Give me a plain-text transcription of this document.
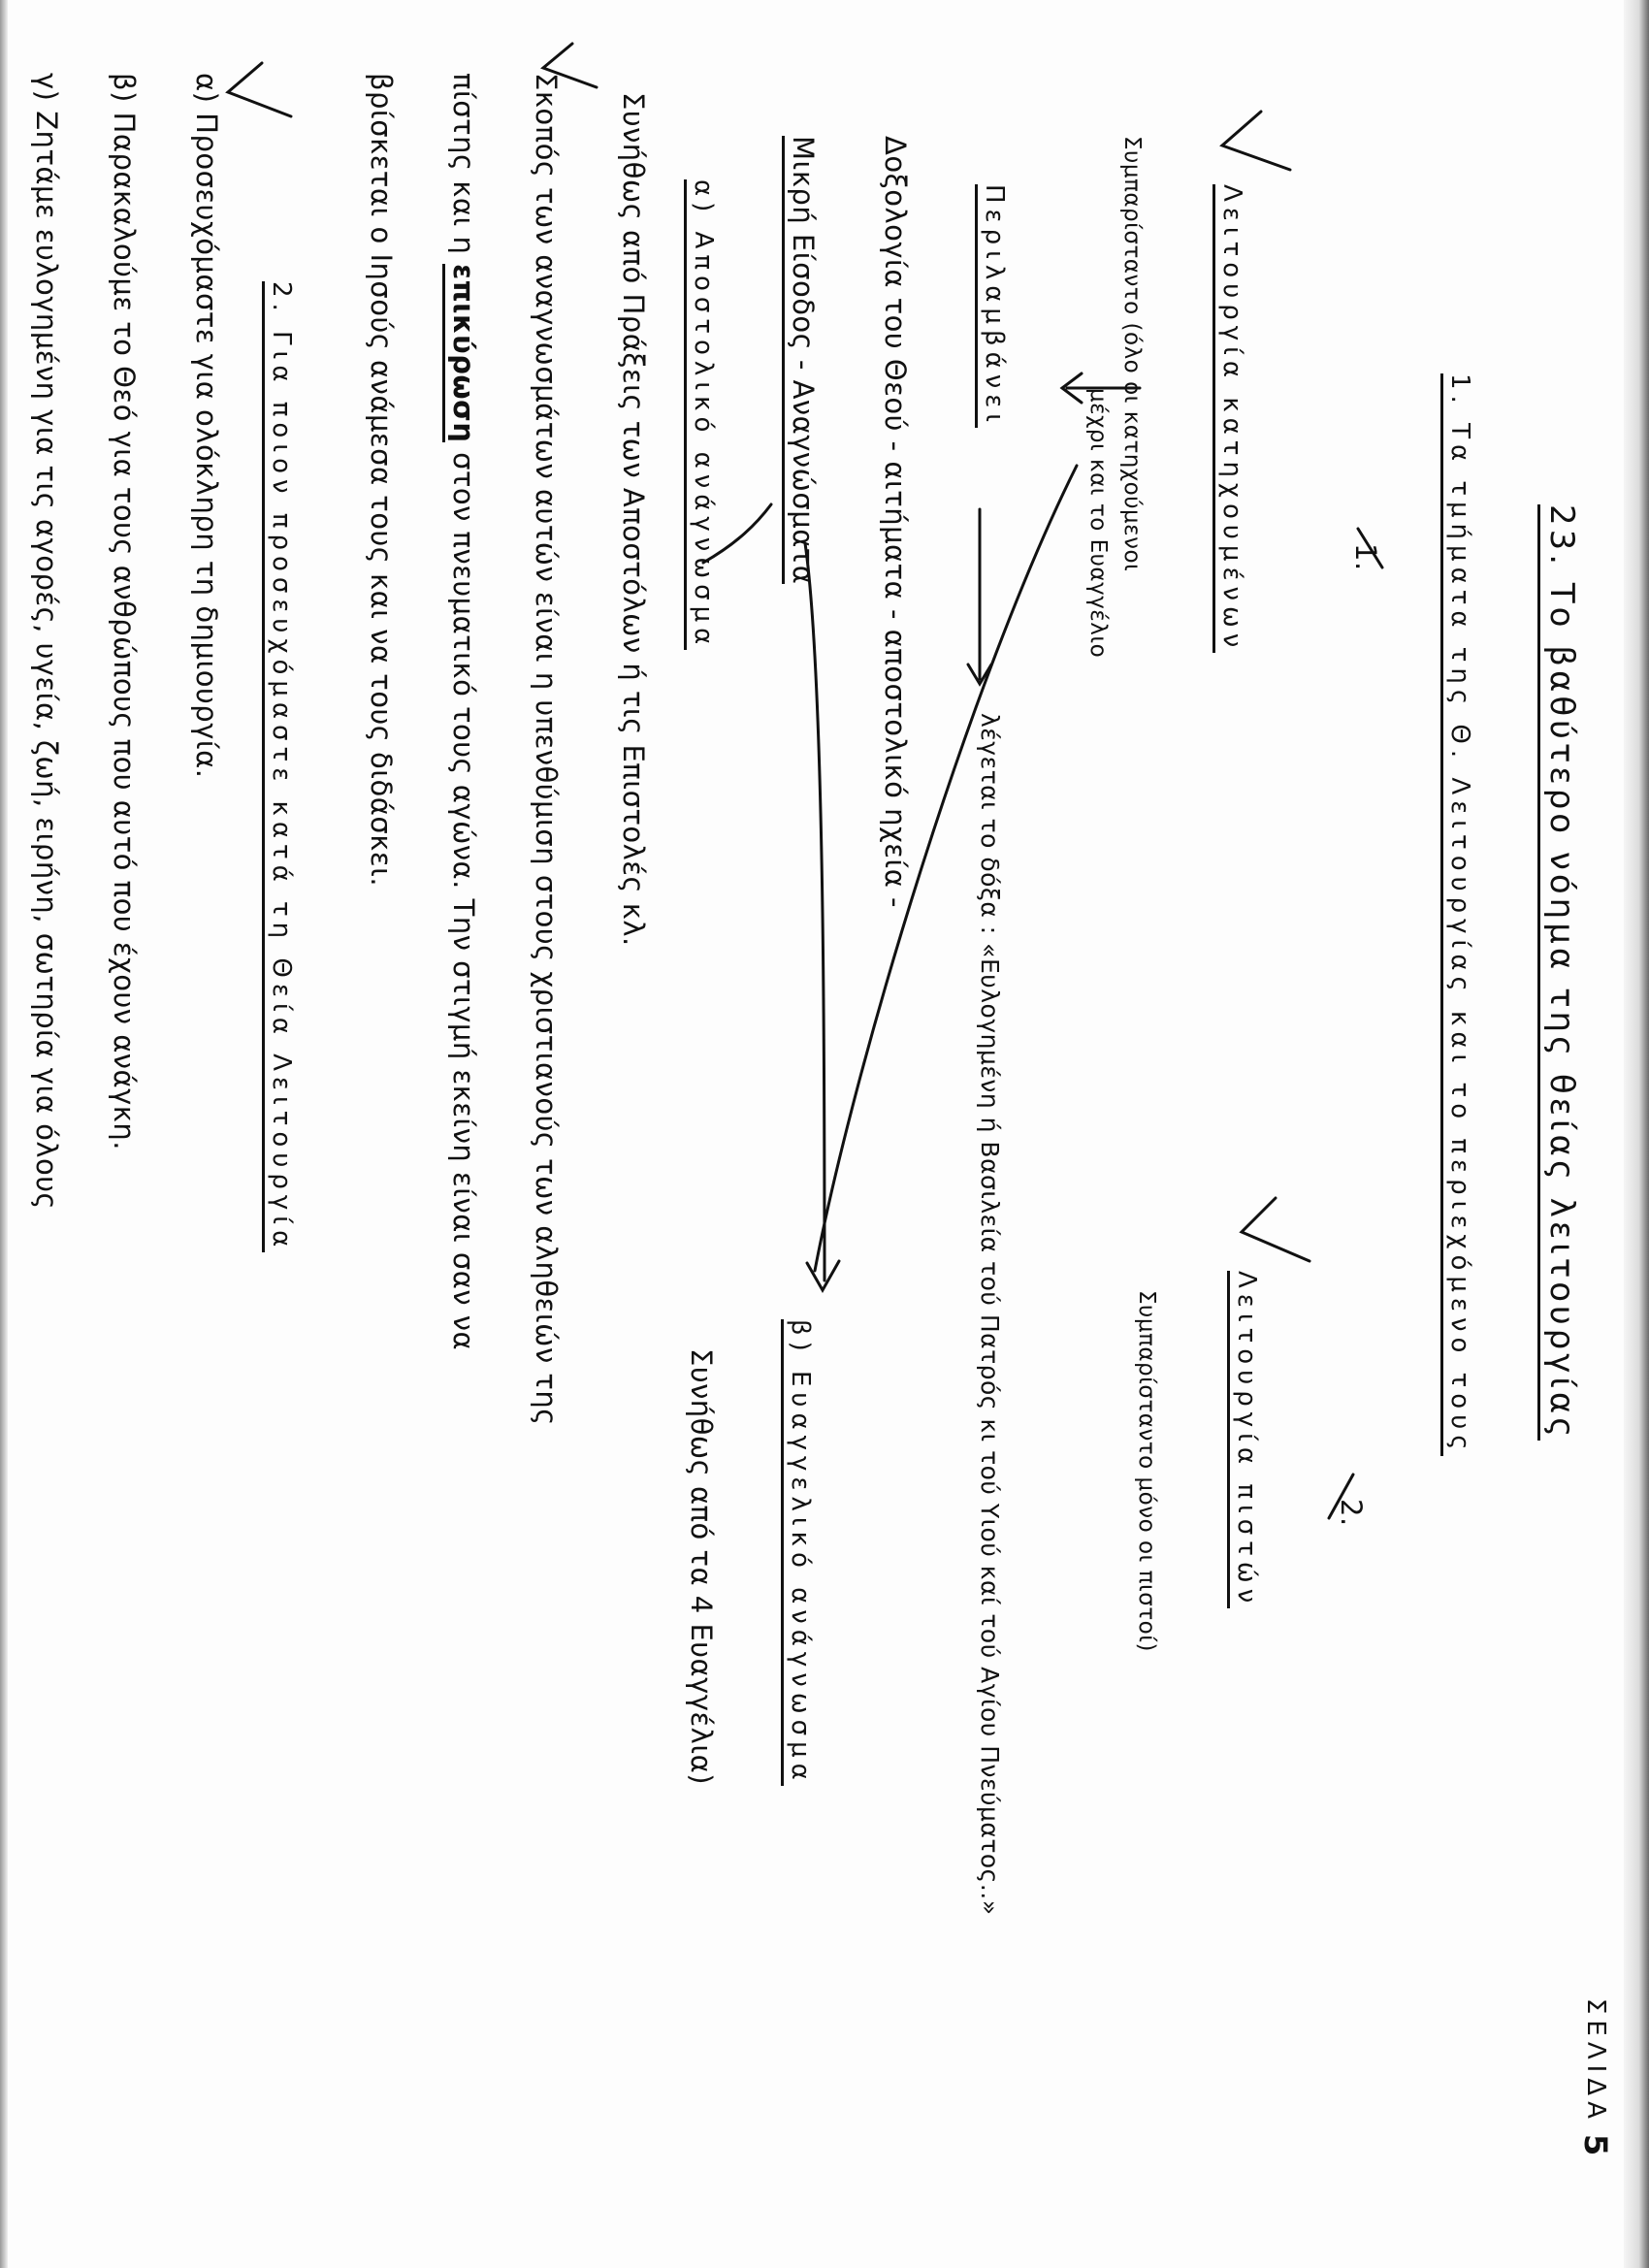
ΣΕΛΙΔΑ
5
23. Το βαθύτερο νόημα της θείας λειτουργίας
1. Τα τμήματα της Θ. Λειτουργίας και το περιεχόμενο τους
1.
2.
Λειτουργία κατηχουμένων
Συμπαρίσταντο (όλο οι κατηχούμενοι
μέχρι και το Ευαγγέλιο
Λειτουργία πιστών
Συμπαρίσταντο μόνο οι πιστοί)
Περιλαμβάνει
λέγεται το δόξα : «Ευλογημένη ή Βασιλεία τού Πατρός κι τού Υιού καί τού Αγίου Πνεύματος..»
Δοξολογία του Θεού - αιτήματα - αποστολικό ηχεία -
Μικρή Είσοδος - Αναγνώσματα
α) Αποστολικό ανάγνωσμα
Συνήθως από Πράξεις των Αποστόλων ή τις Επιστολές κλ.
β) Ευαγγελικό ανάγνωσμα
Συνήθως από τα 4 Ευαγγέλια)
Σκοπός των αναγνωσμάτων αυτών είναι η υπενθύμιση στους χριστιανούς των αληθειών της
πίστης και η επικύρωση στον πνευματικό τους αγώνα. Την στιγμή εκείνη είναι σαν να
βρίσκεται ο Ιησούς ανάμεσα τους και να τους διδάσκει.
2. Για ποιον προσευχόμαστε κατά τη Θεία Λειτουργία
α) Προσευχόμαστε για ολόκληρη τη δημιουργία.
β) Παρακαλούμε το Θεό για τους ανθρώπους που αυτό που έχουν ανάγκη.
γ) Ζητάμε ευλογημένη για τις αγορές, υγεία, ζωή, ειρήνη, σωτηρία για όλους
